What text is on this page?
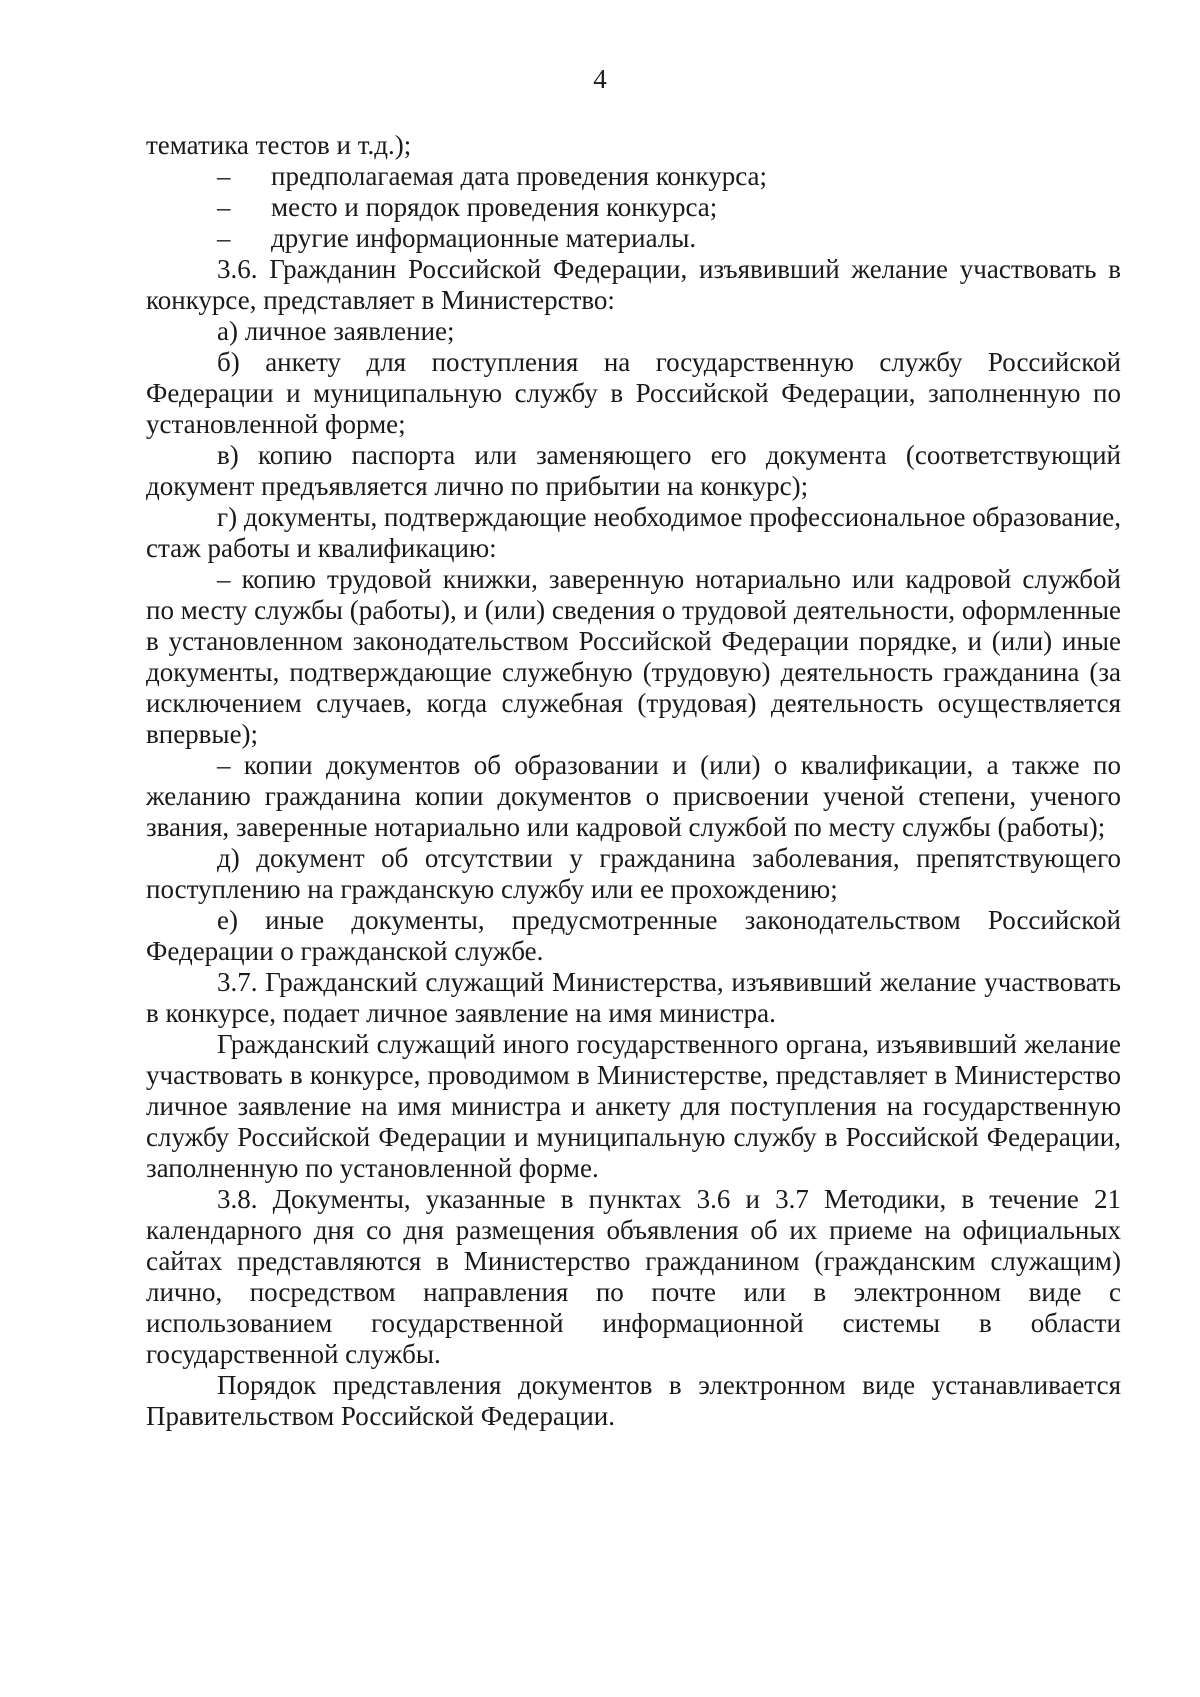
4

тематика тестов и т.д.);

–	предполагаемая дата проведения конкурса;
–	место и порядок проведения конкурса;
–	другие информационные материалы.

3.6. Гражданин Российской Федерации, изъявивший желание участвовать в конкурсе, представляет в Министерство:

а) личное заявление;

б) анкету для поступления на государственную службу Российской Федерации и муниципальную службу в Российской Федерации, заполненную по установленной форме;

в) копию паспорта или заменяющего его документа (соответствующий документ предъявляется лично по прибытии на конкурс);

г) документы, подтверждающие необходимое профессиональное образование, стаж работы и квалификацию:

– копию трудовой книжки, заверенную нотариально или кадровой службой по месту службы (работы), и (или) сведения о трудовой деятельности, оформленные в установленном законодательством Российской Федерации порядке, и (или) иные документы, подтверждающие служебную (трудовую) деятельность гражданина (за исключением случаев, когда служебная (трудовая) деятельность осуществляется впервые);

– копии документов об образовании и (или) о квалификации, а также по желанию гражданина копии документов о присвоении ученой степени, ученого звания, заверенные нотариально или кадровой службой по месту службы (работы);

д) документ об отсутствии у гражданина заболевания, препятствующего поступлению на гражданскую службу или ее прохождению;

е) иные документы, предусмотренные законодательством Российской Федерации о гражданской службе.

3.7. Гражданский служащий Министерства, изъявивший желание участвовать в конкурсе, подает личное заявление на имя министра.

Гражданский служащий иного государственного органа, изъявивший желание участвовать в конкурсе, проводимом в Министерстве, представляет в Министерство личное заявление на имя министра и анкету для поступления на государственную службу Российской Федерации и муниципальную службу в Российской Федерации, заполненную по установленной форме.

3.8. Документы, указанные в пунктах 3.6 и 3.7 Методики, в течение 21 календарного дня со дня размещения объявления об их приеме на официальных сайтах представляются в Министерство гражданином (гражданским служащим) лично, посредством направления по почте или в электронном виде с использованием государственной информационной системы в области государственной службы.

Порядок представления документов в электронном виде устанавливается Правительством Российской Федерации.
